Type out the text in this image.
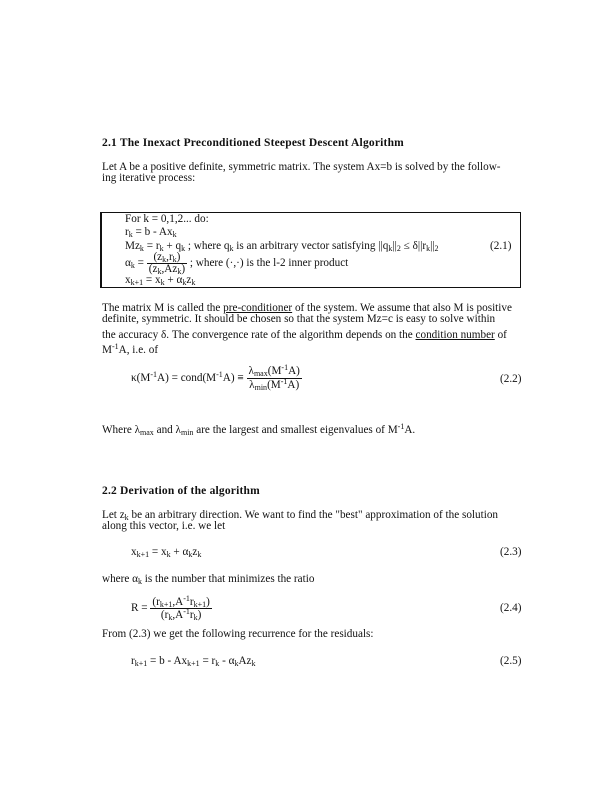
2.1 The Inexact Preconditioned Steepest Descent Algorithm
Let A be a positive definite, symmetric matrix. The system Ax=b is solved by the follow-
ing iterative process:
For k = 0,1,2... do:
$r_k = b - Ax_k$
$Mz_k = r_k + q_k$ ; where $q_k$ is an arbitrary vector satisfying $||q_k||_2 \le \delta||r_k||_2$	(2.1)
$\alpha_k = \frac{(z_k,r_k)}{(z_k,Az_k)}$ ; where (·,·) is the l-2 inner product
$x_{k+1} = x_k + \alpha_kz_k$
The matrix M is called the pre-conditioner of the system. We assume that also M is positive
definite, symmetric. It should be chosen so that the system Mz=c is easy to solve within
the accuracy δ. The convergence rate of the algorithm depends on the condition number of
$M^{-1}A$, i.e. of
$\kappa(M^{-1}A)$ = $cond(M^{-1}A) \equiv \frac{\lambda_{max}(M^{-1}A)}{\lambda_{min}(M^{-1}A)}$	(2.2)
Where $\lambda_{max}$ and $\lambda_{min}$ are the largest and smallest eigenvalues of $M^{-1}A$.
2.2 Derivation of the algorithm
Let $z_k$ be an arbitrary direction. We want to find the "best" approximation of the solution
along this vector, i.e. we let
$x_{k+1} = x_k + \alpha_kz_k$	(2.3)
where $\alpha_k$ is the number that minimizes the ratio
$R = \frac{(r_{k+1},A^{-1}r_{k+1})}{(r_k,A^{-1}r_k)}$	(2.4)
From (2.3) we get the following recurrence for the residuals:
$r_{k+1} = b - Ax_{k+1} = r_k - \alpha_kAz_k$	(2.5)
